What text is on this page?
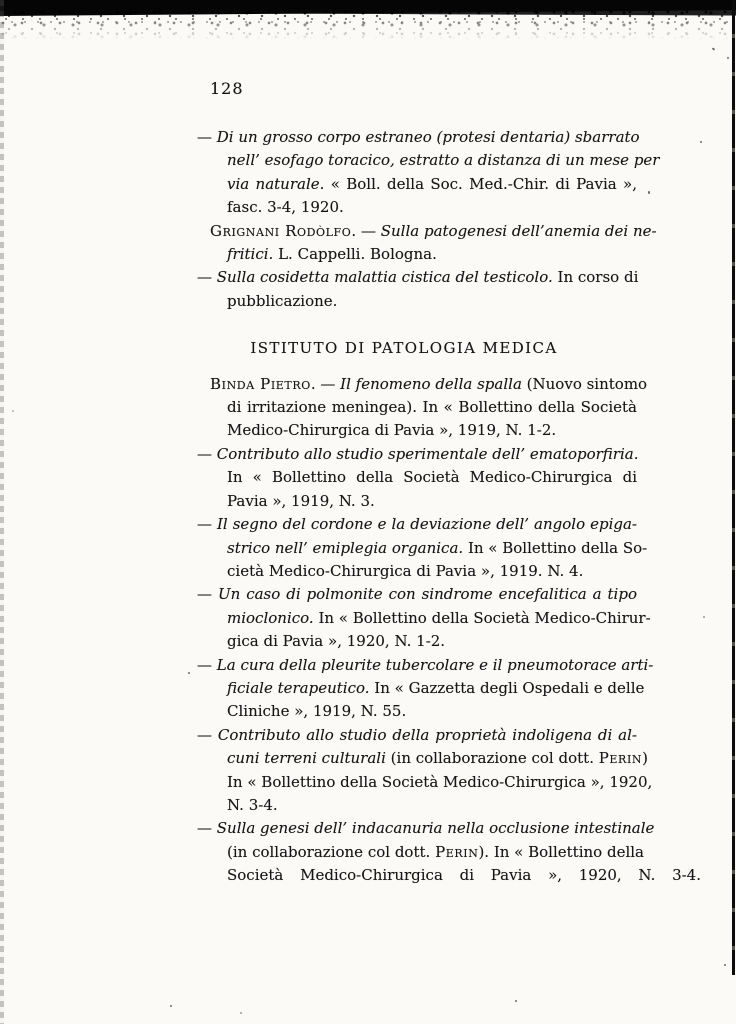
128
— Di un grosso corpo estraneo (protesi dentaria) sbarrato
nell’ esofago toracico, estratto a distanza di un mese per
via naturale. « Boll. della Soc. Med.-Chir. di Pavia »,
fasc. 3-4, 1920.
Grignani Rodòlfo. — Sulla patogenesi dell’anemia dei ne-
fritici. L. Cappelli. Bologna.
— Sulla cosidetta malattia cistica del testicolo. In corso di
pubblicazione.
ISTITUTO DI PATOLOGIA MEDICA
Binda Pietro. — Il fenomeno della spalla (Nuovo sintomo
di irritazione meningea). In « Bollettino della Società
Medico-Chirurgica di Pavia », 1919, N. 1-2.
— Contributo allo studio sperimentale dell’ ematoporfiria.
In « Bollettino della Società Medico-Chirurgica di
Pavia », 1919, N. 3.
— Il segno del cordone e la deviazione dell’ angolo epiga-
strico nell’ emiplegia organica. In « Bollettino della So-
cietà Medico-Chirurgica di Pavia », 1919. N. 4.
— Un caso di polmonite con sindrome encefalitica a tipo
mioclonico. In « Bollettino della Società Medico-Chirur-
gica di Pavia », 1920, N. 1-2.
— La cura della pleurite tubercolare e il pneumotorace arti-
ficiale terapeutico. In « Gazzetta degli Ospedali e delle
Cliniche », 1919, N. 55.
— Contributo allo studio della proprietà indoligena di al-
cuni terreni culturali (in collaborazione col dott. Perin)
In « Bollettino della Società Medico-Chirurgica », 1920,
N. 3-4.
— Sulla genesi dell’ indacanuria nella occlusione intestinale
(in collaborazione col dott. Perin). In « Bollettino della
Società Medico-Chirurgica di Pavia », 1920, N. 3-4.
